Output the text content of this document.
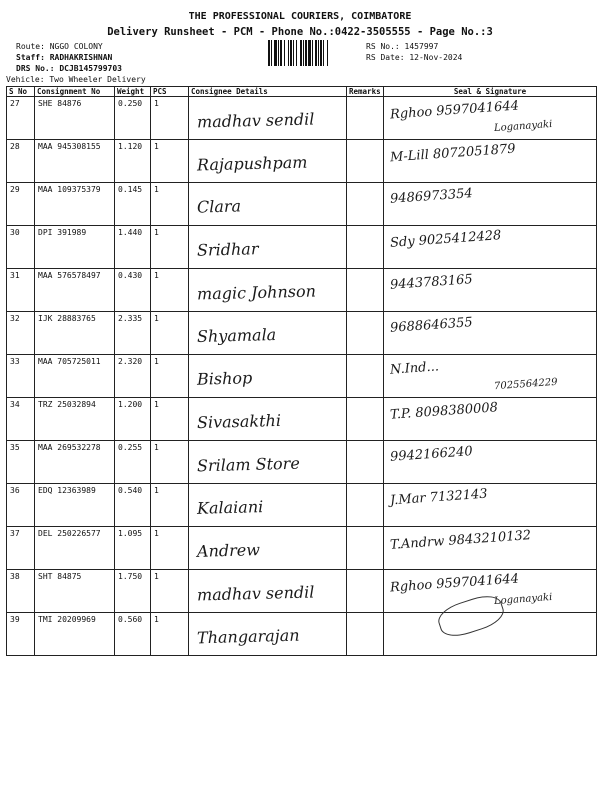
THE PROFESSIONAL COURIERS, COIMBATORE
Delivery Runsheet - PCM - Phone No.:0422-3505555 - Page No.:3
Route: NGGO COLONY
Staff: RADHAKRISHNAN
DRS No.: DCJB145799703
Vehicle: Two Wheeler Delivery
RS No.: 1457997
RS Date: 12-Nov-2024
S No	Consignment No	Weight	PCS	Consignee Details	Remarks	Seal & Signature
27	SHE 84876	0.250	1	madhav sendil		Rghoo 9597041644
Loganayaki

28	MAA 945308155	1.120	1	Rajapushpam		M-Lill 8072051879

29	MAA 109375379	0.145	1	Clara		9486973354

30	DPI 391989	1.440	1	Sridhar		Sdy 9025412428

31	MAA 576578497	0.430	1	magic Johnson		9443783165

32	IJK 28883765	2.335	1	Shyamala		9688646355

33	MAA 705725011	2.320	1	Bishop		N.Ind...
7025564229

34	TRZ 25032894	1.200	1	Sivasakthi		T.P. 8098380008

35	MAA 269532278	0.255	1	Srilam Store		9942166240

36	EDQ 12363989	0.540	1	Kalaiani		J.Mar 7132143

37	DEL 250226577	1.095	1	Andrew		T.Andrw 9843210132

38	SHT 84875	1.750	1	madhav sendil		Rghoo 9597041644
Loganayaki

39	TMI 20209969	0.560	1	Thangarajan		
